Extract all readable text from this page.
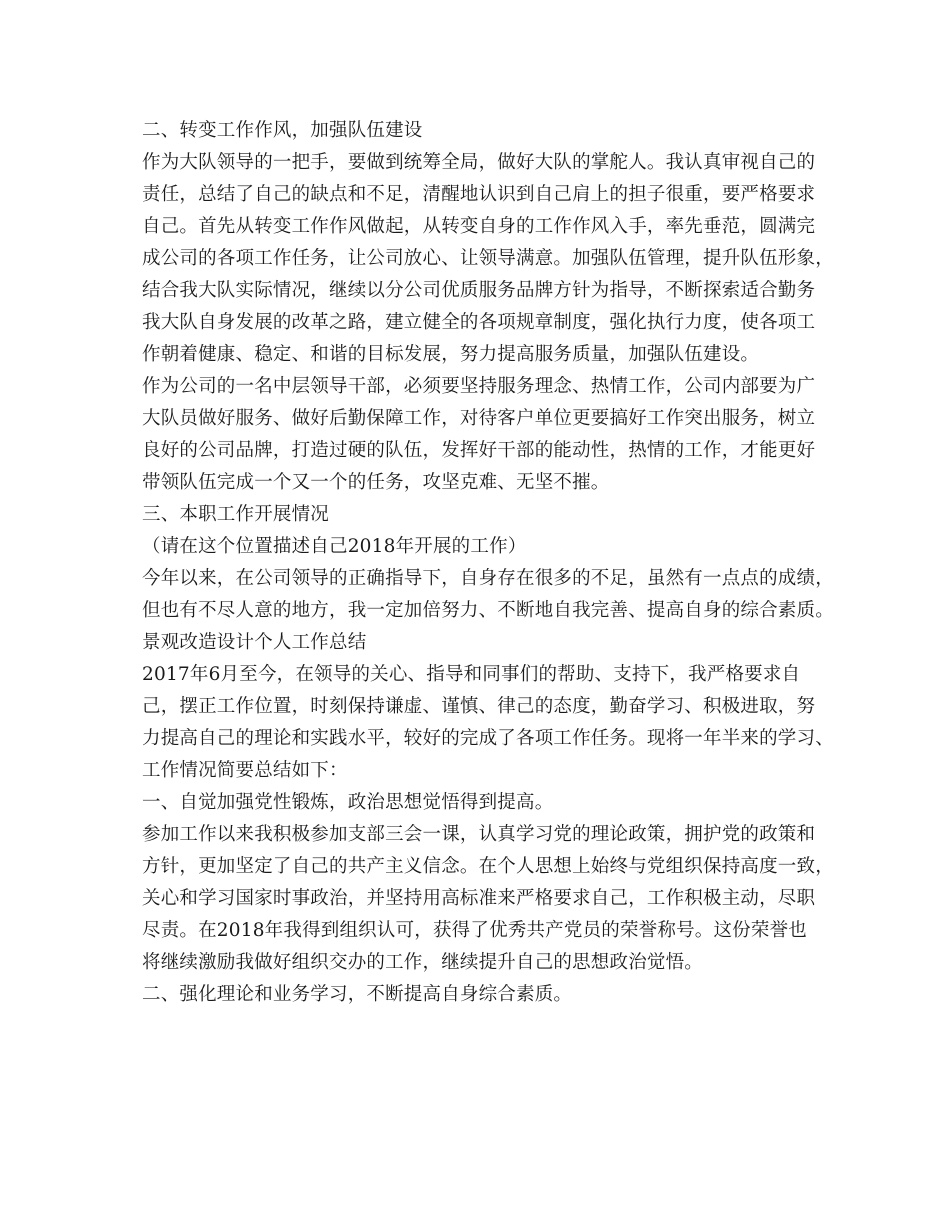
二、转变工作作风，加强队伍建设
作为大队领导的一把手，要做到统筹全局，做好大队的掌舵人。我认真审视自己的
责任，总结了自己的缺点和不足，清醒地认识到自己肩上的担子很重，要严格要求
自己。首先从转变工作作风做起，从转变自身的工作作风入手，率先垂范，圆满完
成公司的各项工作任务，让公司放心、让领导满意。加强队伍管理，提升队伍形象，
结合我大队实际情况，继续以分公司优质服务品牌方针为指导，不断探索适合勤务
我大队自身发展的改革之路，建立健全的各项规章制度，强化执行力度，使各项工
作朝着健康、稳定、和谐的目标发展，努力提高服务质量，加强队伍建设。
作为公司的一名中层领导干部，必须要坚持服务理念、热情工作，公司内部要为广
大队员做好服务、做好后勤保障工作，对待客户单位更要搞好工作突出服务，树立
良好的公司品牌，打造过硬的队伍，发挥好干部的能动性，热情的工作，才能更好
带领队伍完成一个又一个的任务，攻坚克难、无坚不摧。
三、本职工作开展情况
（请在这个位置描述自己2018年开展的工作）
今年以来，在公司领导的正确指导下，自身存在很多的不足，虽然有一点点的成绩，
但也有不尽人意的地方，我一定加倍努力、不断地自我完善、提高自身的综合素质。
景观改造设计个人工作总结
2017年6月至今，在领导的关心、指导和同事们的帮助、支持下，我严格要求自
己，摆正工作位置，时刻保持谦虚、谨慎、律己的态度，勤奋学习、积极进取，努
力提高自己的理论和实践水平，较好的完成了各项工作任务。现将一年半来的学习、
工作情况简要总结如下：
一、自觉加强党性锻炼，政治思想觉悟得到提高。
参加工作以来我积极参加支部三会一课，认真学习党的理论政策，拥护党的政策和
方针，更加坚定了自己的共产主义信念。在个人思想上始终与党组织保持高度一致，
关心和学习国家时事政治，并坚持用高标准来严格要求自己，工作积极主动，尽职
尽责。在2018年我得到组织认可，获得了优秀共产党员的荣誉称号。这份荣誉也
将继续激励我做好组织交办的工作，继续提升自己的思想政治觉悟。
二、强化理论和业务学习，不断提高自身综合素质。
